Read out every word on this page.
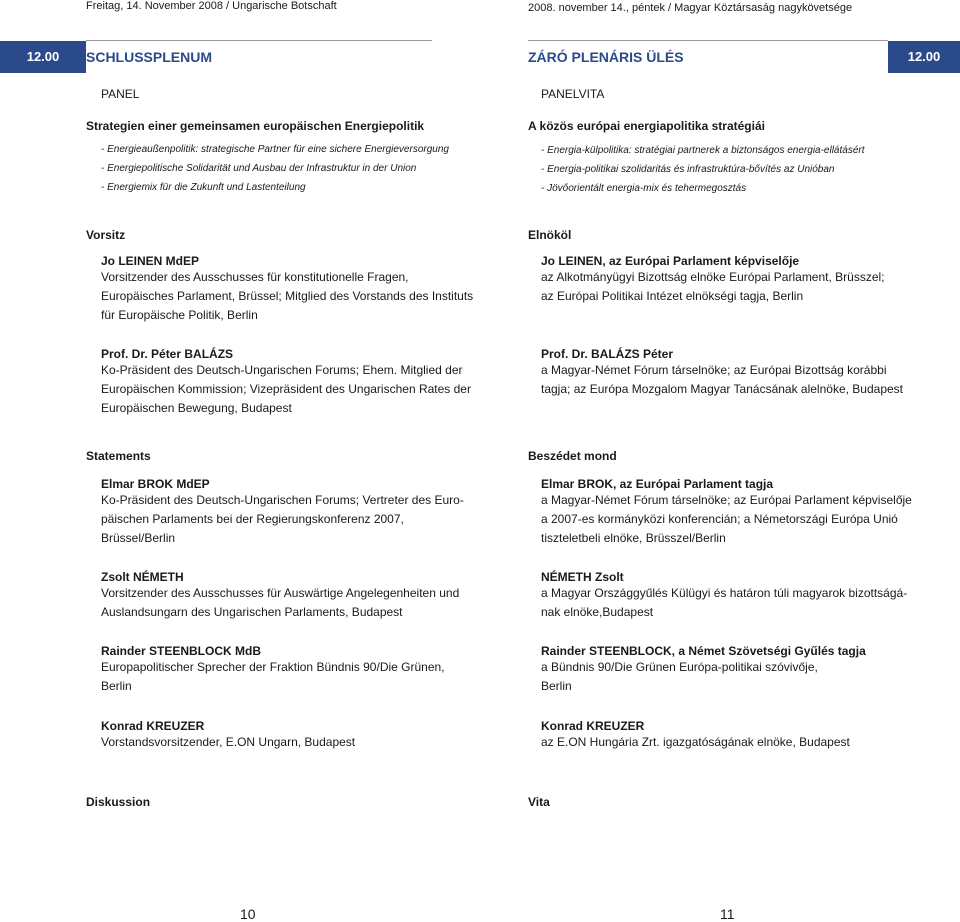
Freitag, 14. November 2008 / Ungarische Botschaft	2008. november 14., péntek / Magyar Köztársaság nagykövetsége
12.00	12.00
SCHLUSSPLENUM
PANEL
Strategien einer gemeinsamen europäischen Energiepolitik
- Energieaußenpolitik: strategische Partner für eine sichere Energieversorgung
- Energiepolitische Solidarität und Ausbau der Infrastruktur in der Union
- Energiemix für die Zukunft und Lastenteilung
Vorsitz
Jo LEINEN MdEP
Vorsitzender des Ausschusses für konstitutionelle Fragen,
Europäisches Parlament, Brüssel; Mitglied des Vorstands des Instituts
für Europäische Politik, Berlin
Prof. Dr. Péter BALÁZS
Ko-Präsident des Deutsch-Ungarischen Forums; Ehem. Mitglied der
Europäischen Kommission; Vizepräsident des Ungarischen Rates der
Europäischen Bewegung, Budapest
Statements
Elmar BROK MdEP
Ko-Präsident des Deutsch-Ungarischen Forums; Vertreter des Euro-
päischen Parlaments bei der Regierungskonferenz 2007,
Brüssel/Berlin
Zsolt NÉMETH
Vorsitzender des Ausschusses für Auswärtige Angelegenheiten und
Auslandsungarn des Ungarischen Parlaments, Budapest
Rainder STEENBLOCK MdB
Europapolitischer Sprecher der Fraktion Bündnis 90/Die Grünen,
Berlin
Konrad KREUZER
Vorstandsvorsitzender, E.ON Ungarn, Budapest
Diskussion
10
ZÁRÓ PLENÁRIS ÜLÉS
PANELVITA
A közös európai energiapolitika stratégiái
- Energia-külpolitika: stratégiai partnerek a biztonságos energia-ellátásért
- Energia-politikai szolidaritás és infrastruktúra-bővítés az Unióban
- Jövőorientált energia-mix és tehermegosztás
Elnököl
Jo LEINEN, az Európai Parlament képviselője
az Alkotmányügyi Bizottság elnöke Európai Parlament, Brüsszel;
az Európai Politikai Intézet elnökségi tagja, Berlin
Prof. Dr. BALÁZS Péter
a Magyar-Német Fórum társelnöke; az Európai Bizottság korábbi
tagja; az Európa Mozgalom Magyar Tanácsának alelnöke, Budapest
Beszédet mond
Elmar BROK, az Európai Parlament tagja
a Magyar-Német Fórum társelnöke; az Európai Parlament képviselője
a 2007-es kormányközi konferencián; a Németországi Európa Unió
tiszteletbeli elnöke, Brüsszel/Berlin
NÉMETH Zsolt
a Magyar Országgyűlés Külügyi és határon túli magyarok bizottságá-
nak elnöke,Budapest
Rainder STEENBLOCK, a Német Szövetségi Gyűlés tagja
a Bündnis 90/Die Grünen Európa-politikai szóvivője,
Berlin
Konrad KREUZER
az E.ON Hungária Zrt. igazgatóságának elnöke, Budapest
Vita
11
